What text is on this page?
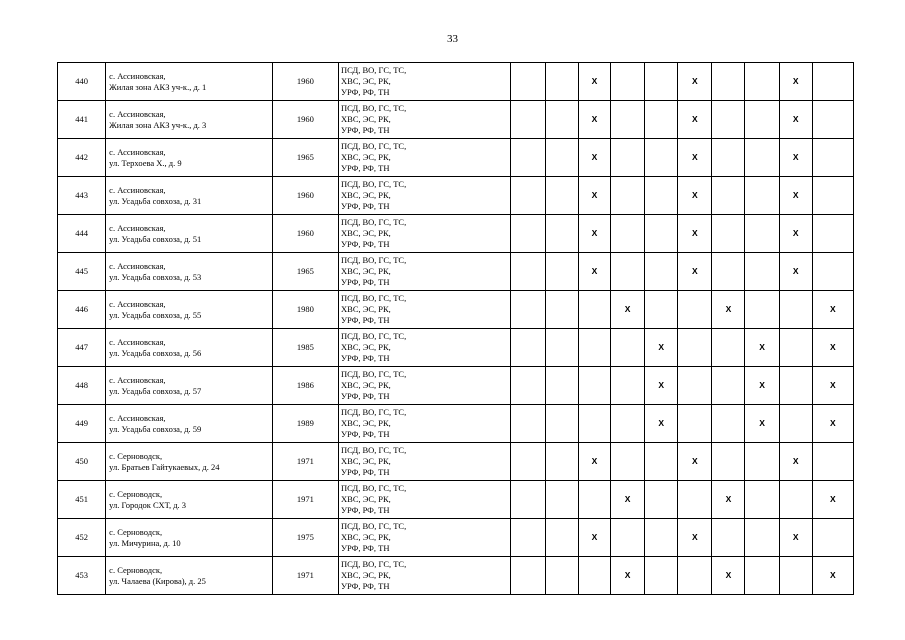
33
440	с. Ассиновская,
Жилая зона АКЗ уч-к., д. 1	1960	ПСД, ВО, ГС, ТС,
ХВС, ЭС, РК,
УРФ, РФ, ТН			X			X			X	
441	с. Ассиновская,
Жилая зона АКЗ уч-к., д. 3	1960	ПСД, ВО, ГС, ТС,
ХВС, ЭС, РК,
УРФ, РФ, ТН			X			X			X	
442	с. Ассиновская,
ул. Терхоева Х., д. 9	1965	ПСД, ВО, ГС, ТС,
ХВС, ЭС, РК,
УРФ, РФ, ТН			X			X			X	
443	с. Ассиновская,
ул. Усадьба совхоза, д. 31	1960	ПСД, ВО, ГС, ТС,
ХВС, ЭС, РК,
УРФ, РФ, ТН			X			X			X	
444	с. Ассиновская,
ул. Усадьба совхоза, д. 51	1960	ПСД, ВО, ГС, ТС,
ХВС, ЭС, РК,
УРФ, РФ, ТН			X			X			X	
445	с. Ассиновская,
ул. Усадьба совхоза, д. 53	1965	ПСД, ВО, ГС, ТС,
ХВС, ЭС, РК,
УРФ, РФ, ТН			X			X			X	
446	с. Ассиновская,
ул. Усадьба совхоза, д. 55	1980	ПСД, ВО, ГС, ТС,
ХВС, ЭС, РК,
УРФ, РФ, ТН				X			X			X
447	с. Ассиновская,
ул. Усадьба совхоза, д. 56	1985	ПСД, ВО, ГС, ТС,
ХВС, ЭС, РК,
УРФ, РФ, ТН					X			X		X
448	с. Ассиновская,
ул. Усадьба совхоза, д. 57	1986	ПСД, ВО, ГС, ТС,
ХВС, ЭС, РК,
УРФ, РФ, ТН					X			X		X
449	с. Ассиновская,
ул. Усадьба совхоза, д. 59	1989	ПСД, ВО, ГС, ТС,
ХВС, ЭС, РК,
УРФ, РФ, ТН					X			X		X
450	с. Серноводск,
ул. Братьев Гайтукаевых, д. 24	1971	ПСД, ВО, ГС, ТС,
ХВС, ЭС, РК,
УРФ, РФ, ТН			X			X			X	
451	с. Серноводск,
ул. Городок СХТ, д. 3	1971	ПСД, ВО, ГС, ТС,
ХВС, ЭС, РК,
УРФ, РФ, ТН				X			X			X
452	с. Серноводск,
ул. Мичурина, д. 10	1975	ПСД, ВО, ГС, ТС,
ХВС, ЭС, РК,
УРФ, РФ, ТН			X			X			X	
453	с. Серноводск,
ул. Чалаева (Кирова), д. 25	1971	ПСД, ВО, ГС, ТС,
ХВС, ЭС, РК,
УРФ, РФ, ТН				X			X			X
